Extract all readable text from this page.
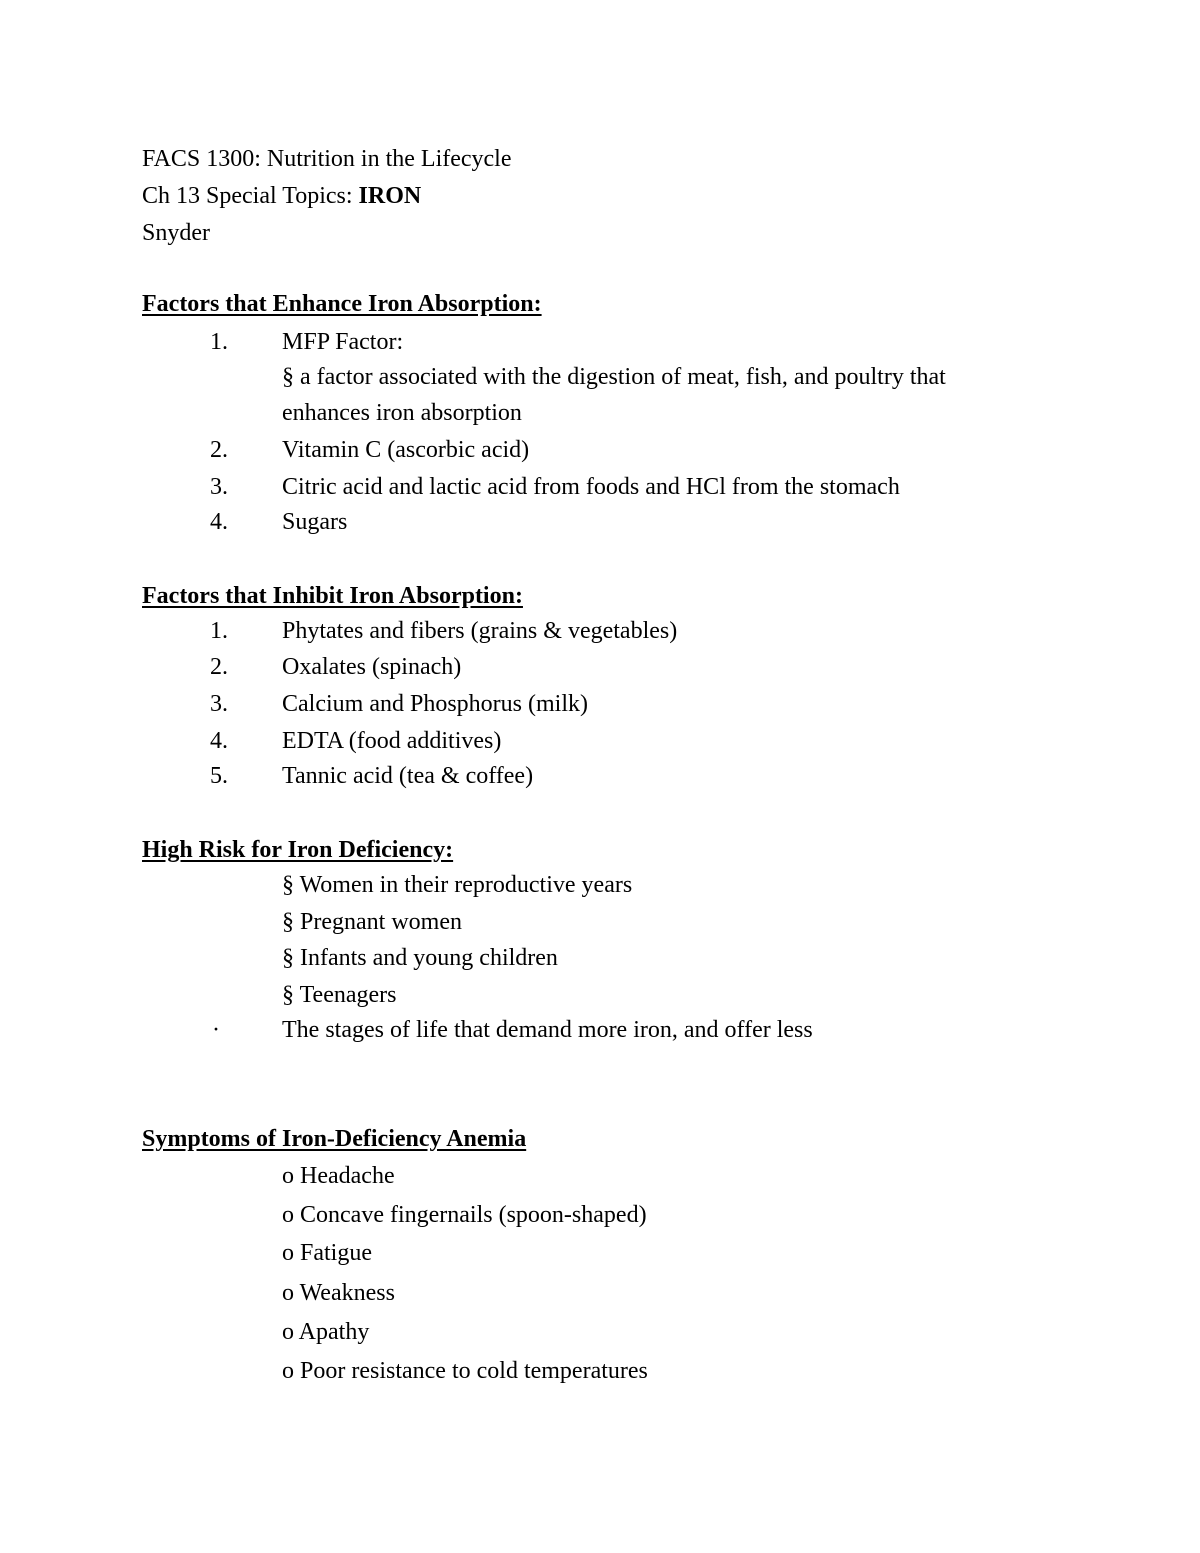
FACS 1300: Nutrition in the Lifecycle
Ch 13 Special Topics: IRON
Snyder
Factors that Enhance Iron Absorption:
1. MFP Factor:
§ a factor associated with the digestion of meat, fish, and poultry that
enhances iron absorption
2. Vitamin C (ascorbic acid)
3. Citric acid and lactic acid from foods and HCl from the stomach
4. Sugars
Factors that Inhibit Iron Absorption:
1. Phytates and fibers (grains & vegetables)
2. Oxalates (spinach)
3. Calcium and Phosphorus (milk)
4. EDTA (food additives)
5. Tannic acid (tea & coffee)
High Risk for Iron Deficiency:
§ Women in their reproductive years
§ Pregnant women
§ Infants and young children
§ Teenagers
·	The stages of life that demand more iron, and offer less
Symptoms of Iron-Deficiency Anemia
o Headache
o Concave fingernails (spoon-shaped)
o Fatigue
o Weakness
o Apathy
o Poor resistance to cold temperatures
